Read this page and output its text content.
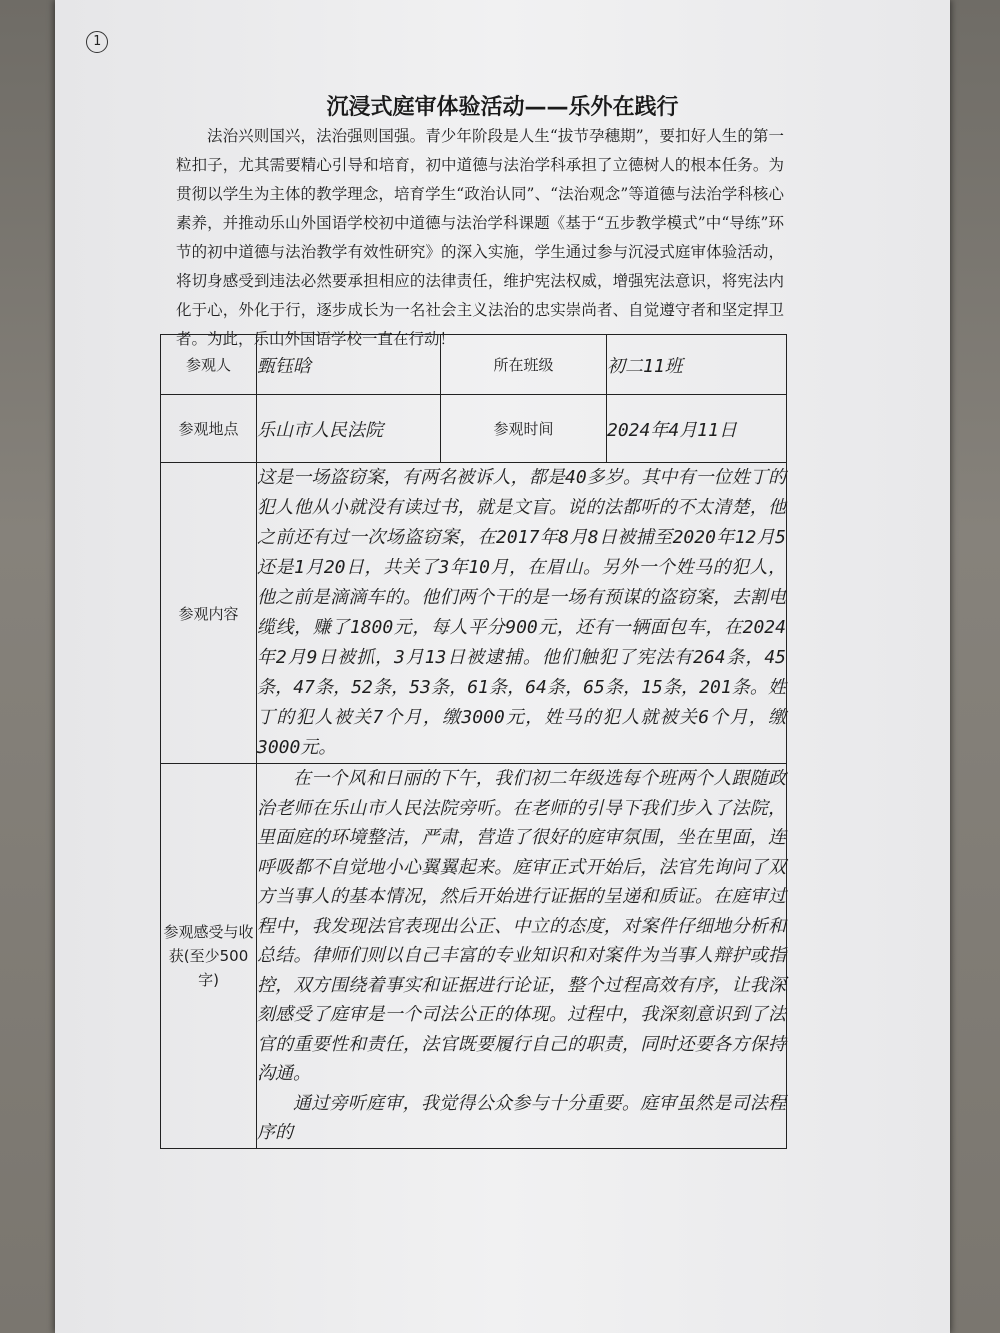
1
沉浸式庭审体验活动——乐外在践行

法治兴则国兴，法治强则国强。青少年阶段是人生“拔节孕穗期”，要扣好人生的第一粒扣子，尤其需要精心引导和培育，初中道德与法治学科承担了立德树人的根本任务。为贯彻以学生为主体的教学理念，培育学生“政治认同”、“法治观念”等道德与法治学科核心素养，并推动乐山外国语学校初中道德与法治学科课题《基于“五步教学模式”中“导练”环节的初中道德与法治教学有效性研究》的深入实施，学生通过参与沉浸式庭审体验活动，将切身感受到违法必然要承担相应的法律责任，维护宪法权威，增强宪法意识，将宪法内化于心，外化于行，逐步成长为一名社会主义法治的忠实崇尚者、自觉遵守者和坚定捍卫者。为此，乐山外国语学校一直在行动！

参观人	甄钰晗	所在班级	初二11班
参观地点	乐山市人民法院	参观时间	2024年4月11日
参观内容	这是一场盗窃案，有两名被诉人，都是40多岁。其中有一位姓丁的犯人他从小就没有读过书，就是文盲。说的法都听的不太清楚，他之前还有过一次场盗窃案，在2017年8月8日被捕至2020年12月5还是1月20日，共关了3年10月，在眉山。另外一个姓马的犯人，他之前是滴滴车的。他们两个干的是一场有预谋的盗窃案，去割电缆线，赚了1800元，每人平分900元，还有一辆面包车，在2024年2月9日被抓，3月13日被逮捕。他们触犯了宪法有264条，45条，47条，52条，53条，61条，64条，65条，15条，201条。姓丁的犯人被关7个月，缴3000元，姓马的犯人就被关6个月，缴3000元。		

参观感受与收获(至少500字)	在一个风和日丽的下午，我们初二年级选每个班两个人跟随政治老师在乐山市人民法院旁听。在老师的引导下我们步入了法院，里面庭的环境整洁，严肃，营造了很好的庭审氛围，坐在里面，连呼吸都不自觉地小心翼翼起来。庭审正式开始后，法官先询问了双方当事人的基本情况，然后开始进行证据的呈递和质证。在庭审过程中，我发现法官表现出公正、中立的态度，对案件仔细地分析和总结。律师们则以自己丰富的专业知识和对案件为当事人辩护或指控，双方围绕着事实和证据进行论证，整个过程高效有序，让我深刻感受了庭审是一个司法公正的体现。过程中，我深刻意识到了法官的重要性和责任，法官既要履行自己的职责，同时还要各方保持沟通。

通过旁听庭审，我觉得公众参与十分重要。庭审虽然是司法程序的		
